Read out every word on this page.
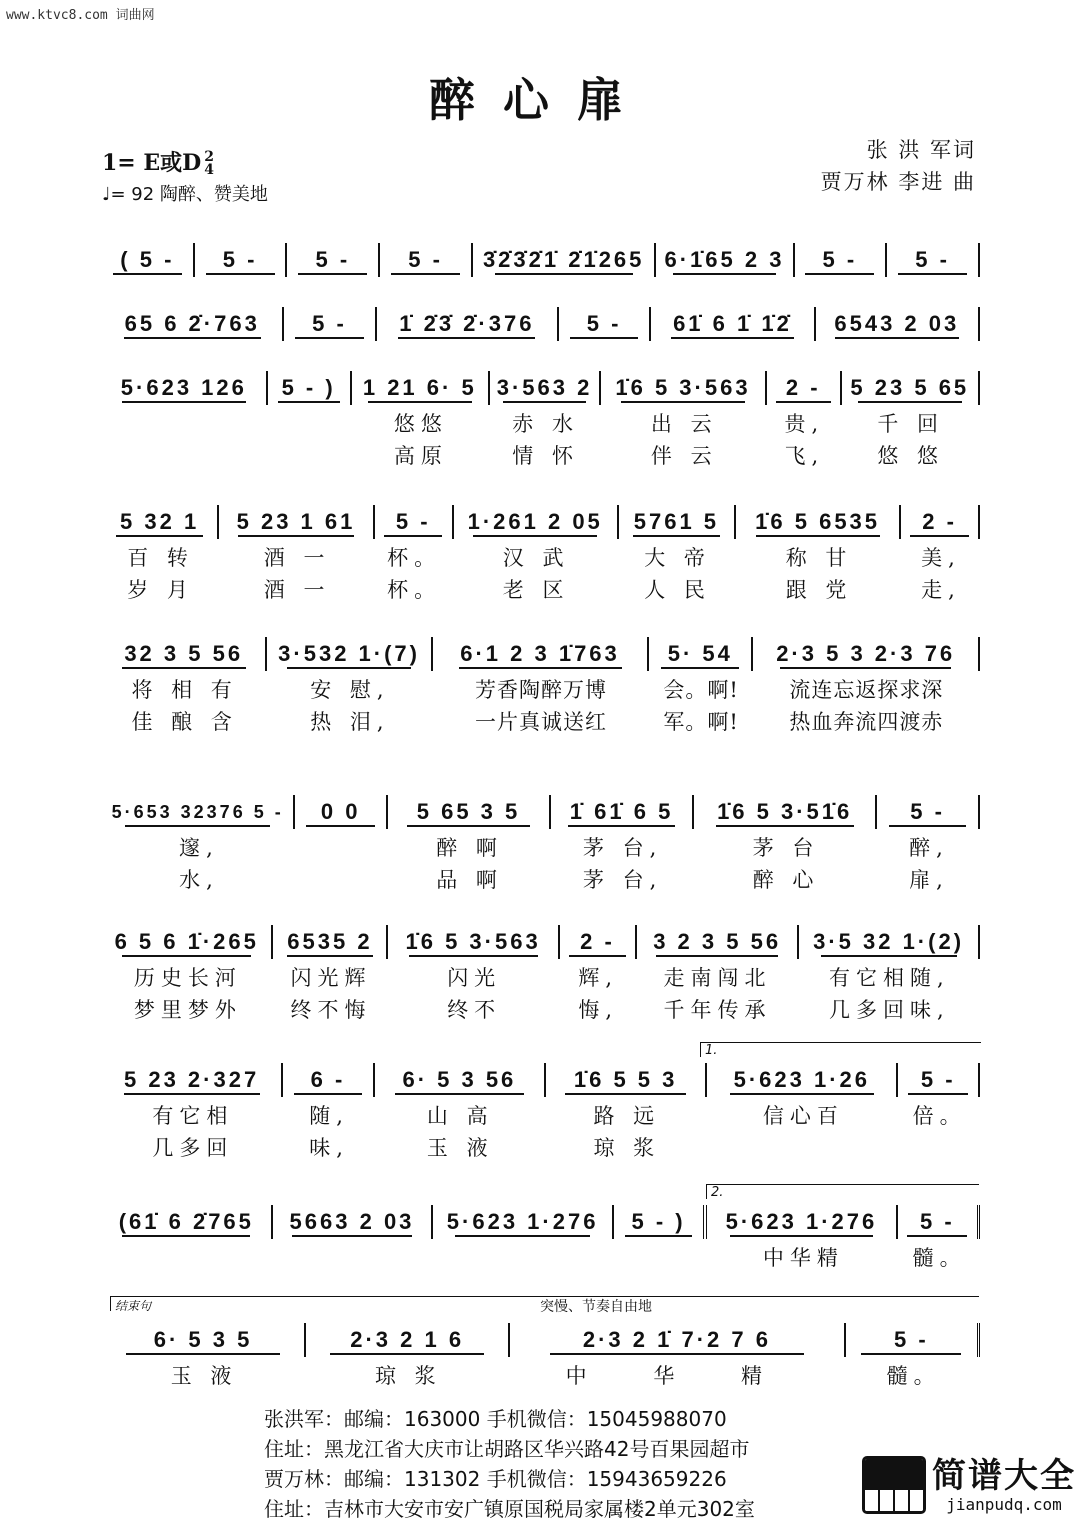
www.ktvc8.com 词曲网
醉心扉
1= E或D 2
4
♩= 92 陶醉、赞美地
张 洪 军词
贾万林 李进 曲
( 5 -	5 -	5 -	5 -	3̇2̇3̇2̇1̇ 2̇1̇265 6·1̇65 2 3	5 -	5 -
65 6 2̇·763	5 -	1̇ 2̇3̇ 2̇·376	5 -	61̇ 6 1̇ 1̇2̇	6543 2 03
5·623 126	5 - )	1 21 6· 5 3·563 2	1̇6 5 3·563	2 -	5 23 5 65
悠悠	赤 水	出 云	贵,	千 回
高原	情 怀	伴 云	飞,	悠 悠
5 32 1	5 23 1 61	5 -	1·261 2 05	5761 5	1̇6 5 6535	2 -
百 转	酒 一	杯。	汉 武	大 帝	称 甘	美,
岁 月	酒 一	杯。	老 区	人 民	跟 党	走,
32 3 5 56	3·532 1·(7)	6·1 2 3 1̇763	5· 54	2·3 5 3 2·3 76
将 相 有	安 慰,	芳香陶醉万博	会。啊!	流连忘返探求深
佳 酿 含	热 泪,	一片真诚送红	军。啊!	热血奔流四渡赤
5·653 32376 5 -	0 0	5 65 3 5	1̇ 61̇ 6 5	1̇6 5 3·51̇6	5 -
邃,	醉 啊	茅 台,	茅 台	醉,
水,	品 啊	茅 台,	醉 心	扉,
6 5 6 1̇·265	6535 2	1̇6 5 3·563	2 -	3 2 3 5 56	3·5 32 1·(2)
历史长河	闪光辉	闪光	辉,	走南闯北	有它相随,
梦里梦外	终不悔	终不	悔,	千年传承	几多回味,
1.
5 23 2·327	6 -	6· 5 3 56	1̇6 5 5 3	5·623 1·26	5 -
有它相	随,	山 高	路 远	信心百	倍。
几多回	味,	玉 液	琼 浆
2.
(61̇ 6 2̇765	5663 2 03	5·623 1·276	5 - )	5·623 1·276	5 -
中华精	髓。
结束句	突慢、节奏自由地
6· 5 3 5	2·3 2 1 6	2·3 2 1̇ 7·2 7 6	5 -
玉 液	琼 浆	中 华 精	髓。
张洪军：邮编：163000 手机微信：15045988070
住址：黑龙江省大庆市让胡路区华兴路42号百果园超市
贾万林：邮编：131302 手机微信：15943659226
住址：吉林市大安市安广镇原国税局家属楼2单元302室
简谱大全
jianpudq.com
